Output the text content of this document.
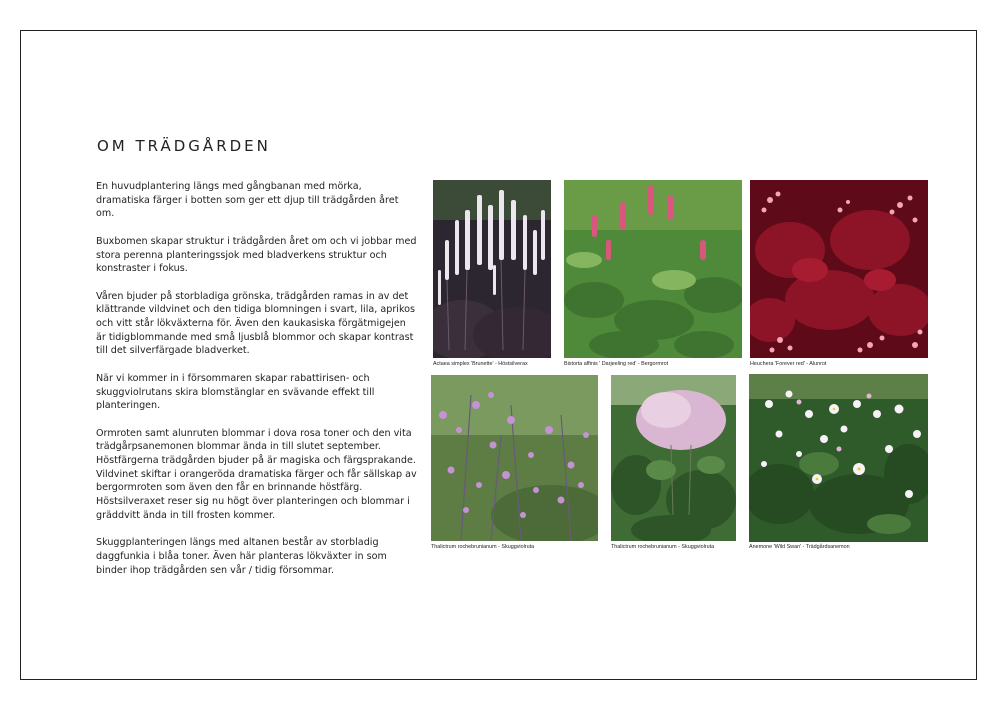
OM TRÄDGÅRDEN

En huvudplantering längs med gångbanan med mörka, dramatiska färger i botten som ger ett djup till trädgården året om.

Buxbomen skapar struktur i trädgården året om och vi jobbar med stora perenna planteringssjok med bladverkens struktur och konstraster i fokus.

Våren bjuder på storbladiga grönska, trädgården ramas in av det klättrande vildvinet och den tidiga blomningen i svart, lila, aprikos och vitt står lökväxterna för. Även den kaukasiska förgätmigejen är tidigblommande med små ljusblå blommor och skapar kontrast till det silverfärgade bladverket.

När vi kommer in i försommaren skapar rabattirisen- och skuggviolrutans skira blomstänglar en svävande effekt till planteringen.

Ormroten samt alunruten blommar i dova rosa toner och den vita trädgårpsanemonen blommar ända in till slutet september. Höstfärgerna trädgården bjuder på är magiska och färgsprakande. Vildvinet skiftar i orangeröda dramatiska färger och får sällskap av bergormroten som även den får en brinnande höstfärg. Höstsilveraxet reser sig nu högt över planteringen och blommar i gräddvitt ända in till frosten kommer.

Skuggplanteringen längs med altanen består av storbladig daggfunkia i blåa toner. Även här planteras lökväxter in som binder ihop trädgården sen vår / tidig försommar.

Actaea simplex 'Brunette' - Höstsilverax	Bistorta affinis ' Darjeeling red' - Bergormrot	Heuchera 'Forever red' - Alunrot
Thalictrum rochebrunianum - Skuggviolruta	Thalictrum rochebrunianum - Skuggviolruta	Anemone 'Wild Swan' - Trädgårdsanemon
